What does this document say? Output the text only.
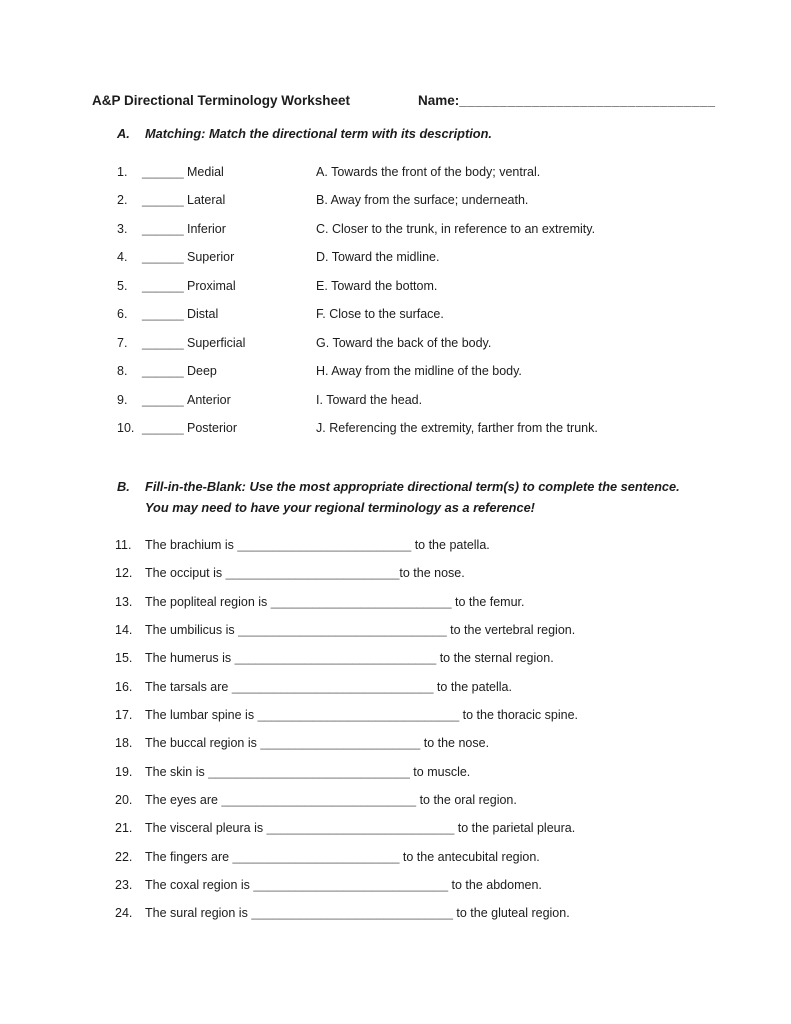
A&P Directional Terminology Worksheet	Name:________________________________
A.	Matching: Match the directional term with its description.
1.	______ Medial	A. Towards the front of the body; ventral.
2.	______ Lateral	B. Away from the surface; underneath.
3.	______ Inferior	C. Closer to the trunk, in reference to an extremity.
4.	______ Superior	D. Toward the midline.
5.	______ Proximal	E. Toward the bottom.
6.	______ Distal	F. Close to the surface.
7.	______ Superficial	G. Toward the back of the body.
8.	______ Deep	H. Away from the midline of the body.
9.	______ Anterior	I. Toward the head.
10. ______ Posterior	J. Referencing the extremity, farther from the trunk.
B.	Fill-in-the-Blank: Use the most appropriate directional term(s) to complete the sentence. You may need to have your regional terminology as a reference!
11.	The brachium is _________________________ to the patella.
12.	The occiput is _________________________to the nose.
13.	The popliteal region is __________________________ to the femur.
14.	The umbilicus is ______________________________ to the vertebral region.
15.	The humerus is _____________________________ to the sternal region.
16.	The tarsals are _____________________________ to the patella.
17.	The lumbar spine is _____________________________ to the thoracic spine.
18.	The buccal region is _______________________ to the nose.
19.	The skin is _____________________________ to muscle.
20.	The eyes are ____________________________ to the oral region.
21.	The visceral pleura is ___________________________ to the parietal pleura.
22.	The fingers are ________________________ to the antecubital region.
23.	The coxal region is ____________________________ to the abdomen.
24.	The sural region is _____________________________ to the gluteal region.
